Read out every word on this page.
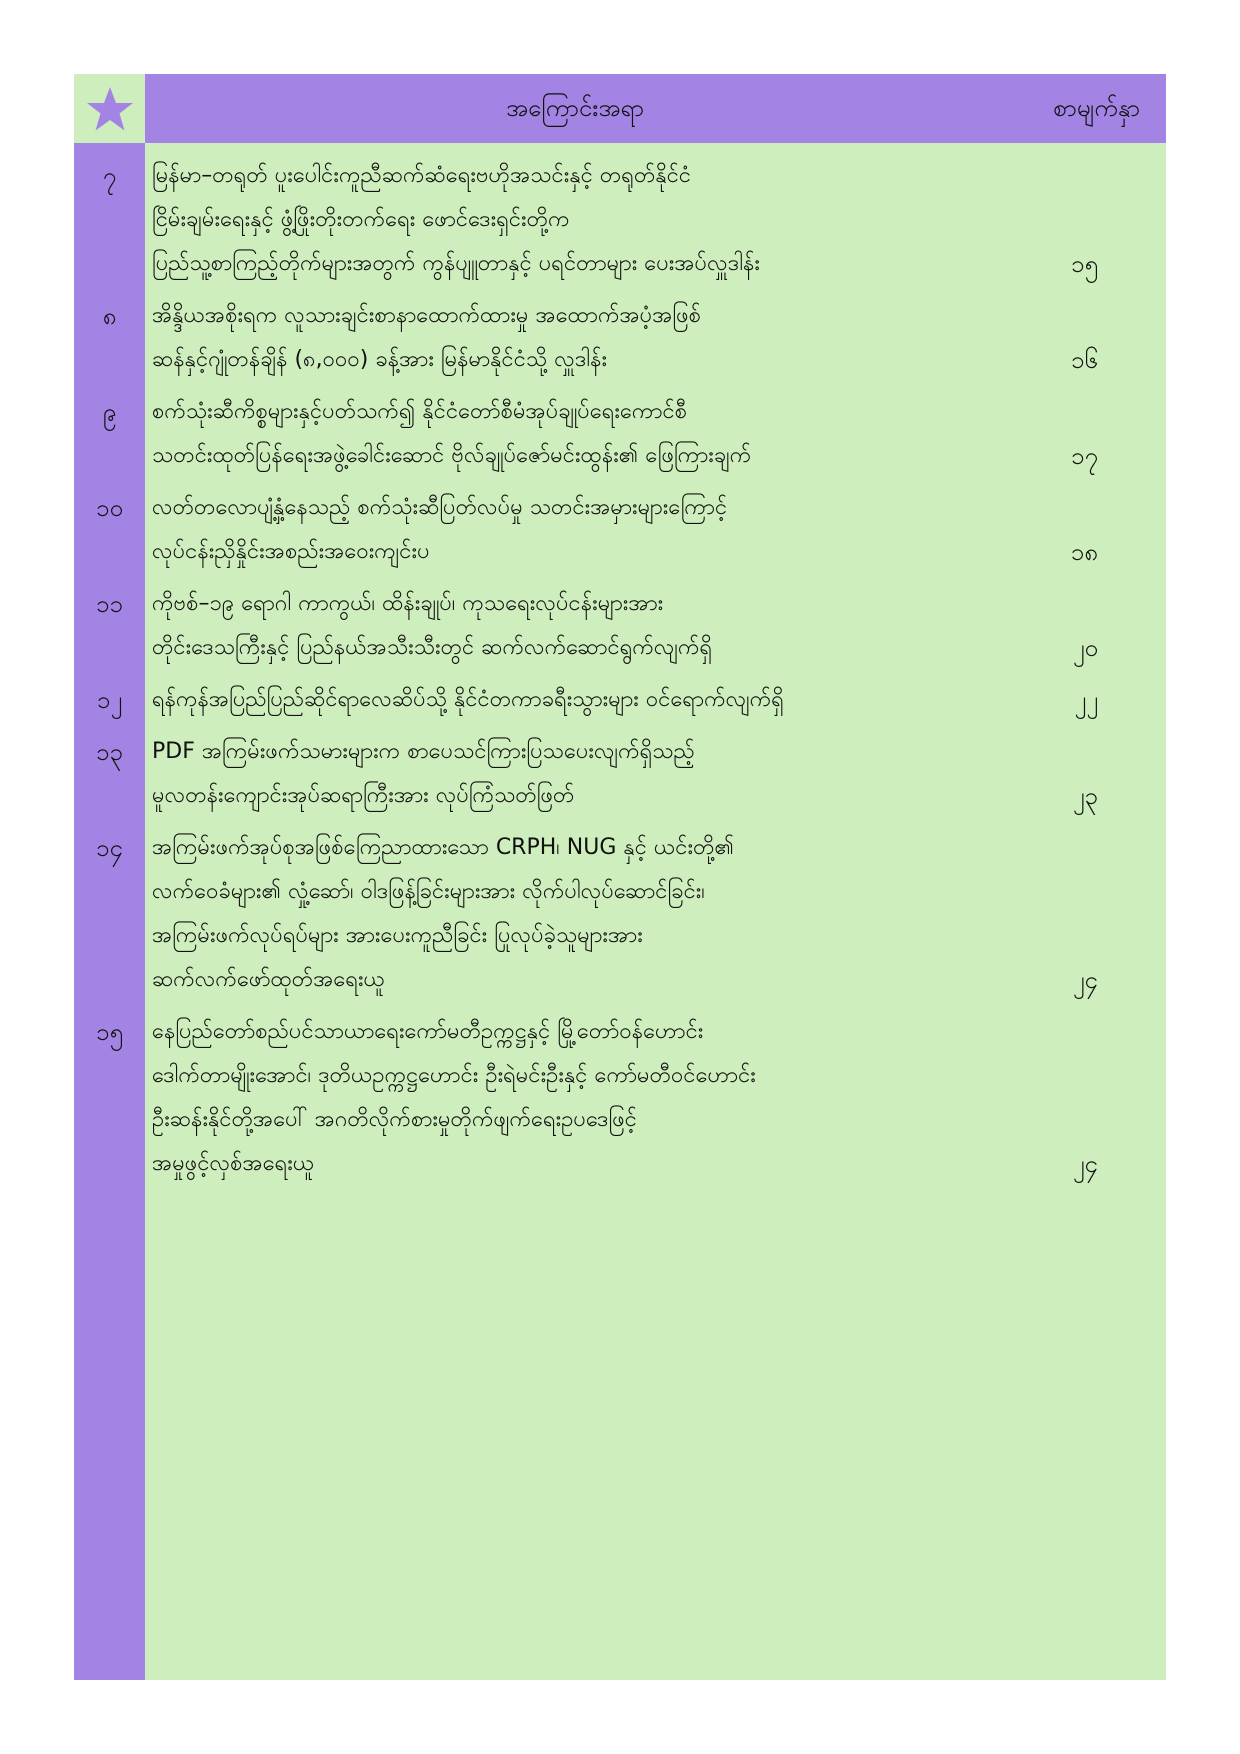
အကြောင်းအရာ	စာမျက်နှာ
၇	မြန်မာ–တရုတ် ပူးပေါင်းကူညီဆက်ဆံရေးဗဟိုအသင်းနှင့် တရုတ်နိုင်ငံ
ငြိမ်းချမ်းရေးနှင့် ဖွံ့ဖြိုးတိုးတက်ရေး ဖောင်ဒေးရှင်းတို့က
ပြည်သူ့စာကြည့်တိုက်များအတွက် ကွန်ပျူတာနှင့် ပရင်တာများ ပေးအပ်လှူဒါန်း	၁၅
၈	အိန္ဒိယအစိုးရက လူသားချင်းစာနာထောက်ထားမှု အထောက်အပံ့အဖြစ်
ဆန်နှင့်ဂျုံတန်ချိန် (၈,၀၀၀) ခန့်အား မြန်မာနိုင်ငံသို့ လှူဒါန်း	၁၆
၉	စက်သုံးဆီကိစ္စများနှင့်ပတ်သက်၍ နိုင်ငံတော်စီမံအုပ်ချုပ်ရေးကောင်စီ
သတင်းထုတ်ပြန်ရေးအဖွဲ့ခေါင်းဆောင် ဗိုလ်ချုပ်ဇော်မင်းထွန်း၏ ဖြေကြားချက်	၁၇
၁၀	လတ်တလောပျံ့နှံ့နေသည့် စက်သုံးဆီပြတ်လပ်မှု သတင်းအမှားများကြောင့်
လုပ်ငန်းညှိနှိုင်းအစည်းအဝေးကျင်းပ	၁၈
၁၁	ကိုဗစ်–၁၉ ရောဂါ ကာကွယ်၊ ထိန်းချုပ်၊ ကုသရေးလုပ်ငန်းများအား
တိုင်းဒေသကြီးနှင့် ပြည်နယ်အသီးသီးတွင် ဆက်လက်ဆောင်ရွက်လျက်ရှိ	၂၀
၁၂	ရန်ကုန်အပြည်ပြည်ဆိုင်ရာလေဆိပ်သို့ နိုင်ငံတကာခရီးသွားများ ဝင်ရောက်လျက်ရှိ	၂၂
၁၃	PDF အကြမ်းဖက်သမားများက စာပေသင်ကြားပြသပေးလျက်ရှိသည့်
မူလတန်းကျောင်းအုပ်ဆရာကြီးအား လုပ်ကြံသတ်ဖြတ်	၂၃
၁၄	အကြမ်းဖက်အုပ်စုအဖြစ်ကြေညာထားသော CRPH၊ NUG နှင့် ယင်းတို့၏
လက်ဝေခံများ၏ လှုံ့ဆော်၊ ဝါဒဖြန့်ခြင်းများအား လိုက်ပါလုပ်ဆောင်ခြင်း၊
အကြမ်းဖက်လုပ်ရပ်များ အားပေးကူညီခြင်း ပြုလုပ်ခဲ့သူများအား
ဆက်လက်ဖော်ထုတ်အရေးယူ	၂၄
၁၅	နေပြည်တော်စည်ပင်သာယာရေးကော်မတီဥက္ကဋ္ဌနှင့် မြို့တော်ဝန်ဟောင်း
ဒေါက်တာမျိုးအောင်၊ ဒုတိယဥက္ကဋ္ဌဟောင်း ဦးရဲမင်းဦးနှင့် ကော်မတီဝင်ဟောင်း
ဦးဆန်းနိုင်တို့အပေါ် အဂတိလိုက်စားမှုတိုက်ဖျက်ရေးဥပဒေဖြင့်
အမှုဖွင့်လှစ်အရေးယူ	၂၄
